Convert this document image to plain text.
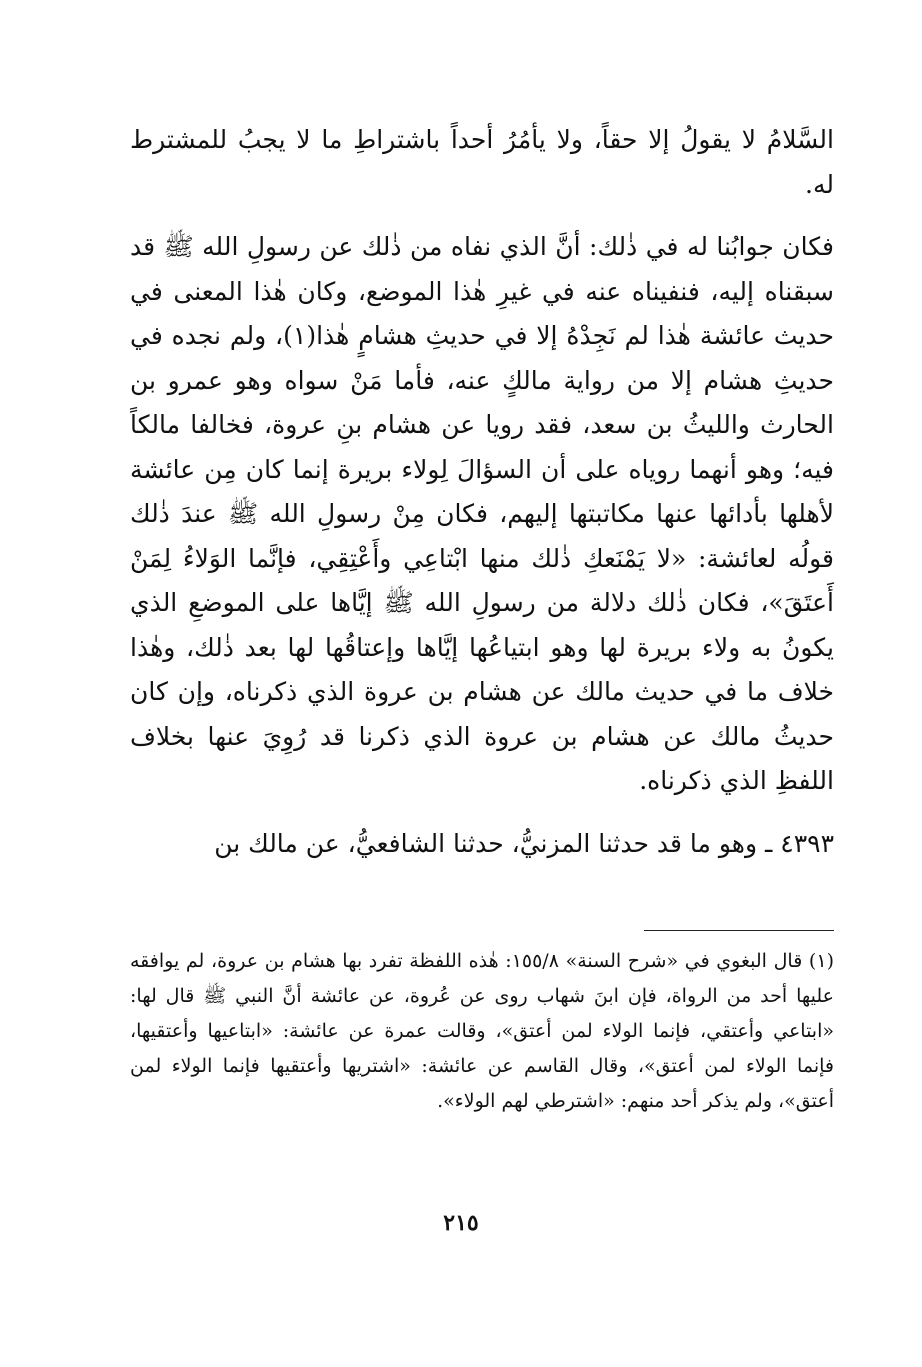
السَّلامُ لا يقولُ إلا حقاً، ولا يأمُرُ أحداً باشتراطِ ما لا يجبُ للمشترط له.

فكان جوابُنا له في ذٰلك: أنَّ الذي نفاه من ذٰلك عن رسولِ الله ﷺ قد سبقناه إليه، فنفيناه عنه في غيرِ هٰذا الموضع، وكان هٰذا المعنى في حديث عائشة هٰذا لم نَجِدْهُ إلا في حديثِ هشامٍ هٰذا(١)، ولم نجده في حديثِ هشام إلا من رواية مالكٍ عنه، فأما مَنْ سواه وهو عمرو بن الحارث والليثُ بن سعد، فقد رويا عن هشام بنِ عروة، فخالفا مالكاً فيه؛ وهو أنهما روياه على أن السؤالَ لِولاء بريرة إنما كان مِن عائشة لأهلها بأدائها عنها مكاتبتها إليهم، فكان مِنْ رسولِ الله ﷺ عندَ ذٰلك قولُه لعائشة: «لا يَمْنَعكِ ذٰلك منها ابْتاعِي وأَعْتِقِي، فإنَّما الوَلاءُ لِمَنْ أَعتَقَ»، فكان ذٰلك دلالة من رسولِ الله ﷺ إيَّاها على الموضعِ الذي يكونُ به ولاء بريرة لها وهو ابتياعُها إيَّاها وإعتاقُها لها بعد ذٰلك، وهٰذا خلاف ما في حديث مالك عن هشام بن عروة الذي ذكرناه، وإن كان حديثُ مالك عن هشام بن عروة الذي ذكرنا قد رُوِيَ عنها بخلاف اللفظِ الذي ذكرناه.

٤٣٩٣ ـ وهو ما قد حدثنا المزنيُّ، حدثنا الشافعيُّ، عن مالك بن

(١) قال البغوي في «شرح السنة» ١٥٥/٨: هٰذه اللفظة تفرد بها هشام بن عروة، لم يوافقه عليها أحد من الرواة، فإن ابنَ شهاب روى عن عُروة، عن عائشة أنَّ النبي ﷺ قال لها: «ابتاعي وأعتقي، فإنما الولاء لمن أعتق»، وقالت عمرة عن عائشة: «ابتاعيها وأعتقيها، فإنما الولاء لمن أعتق»، وقال القاسم عن عائشة: «اشتريها وأعتقيها فإنما الولاء لمن أعتق»، ولم يذكر أحد منهم: «اشترطي لهم الولاء».

٢١٥
